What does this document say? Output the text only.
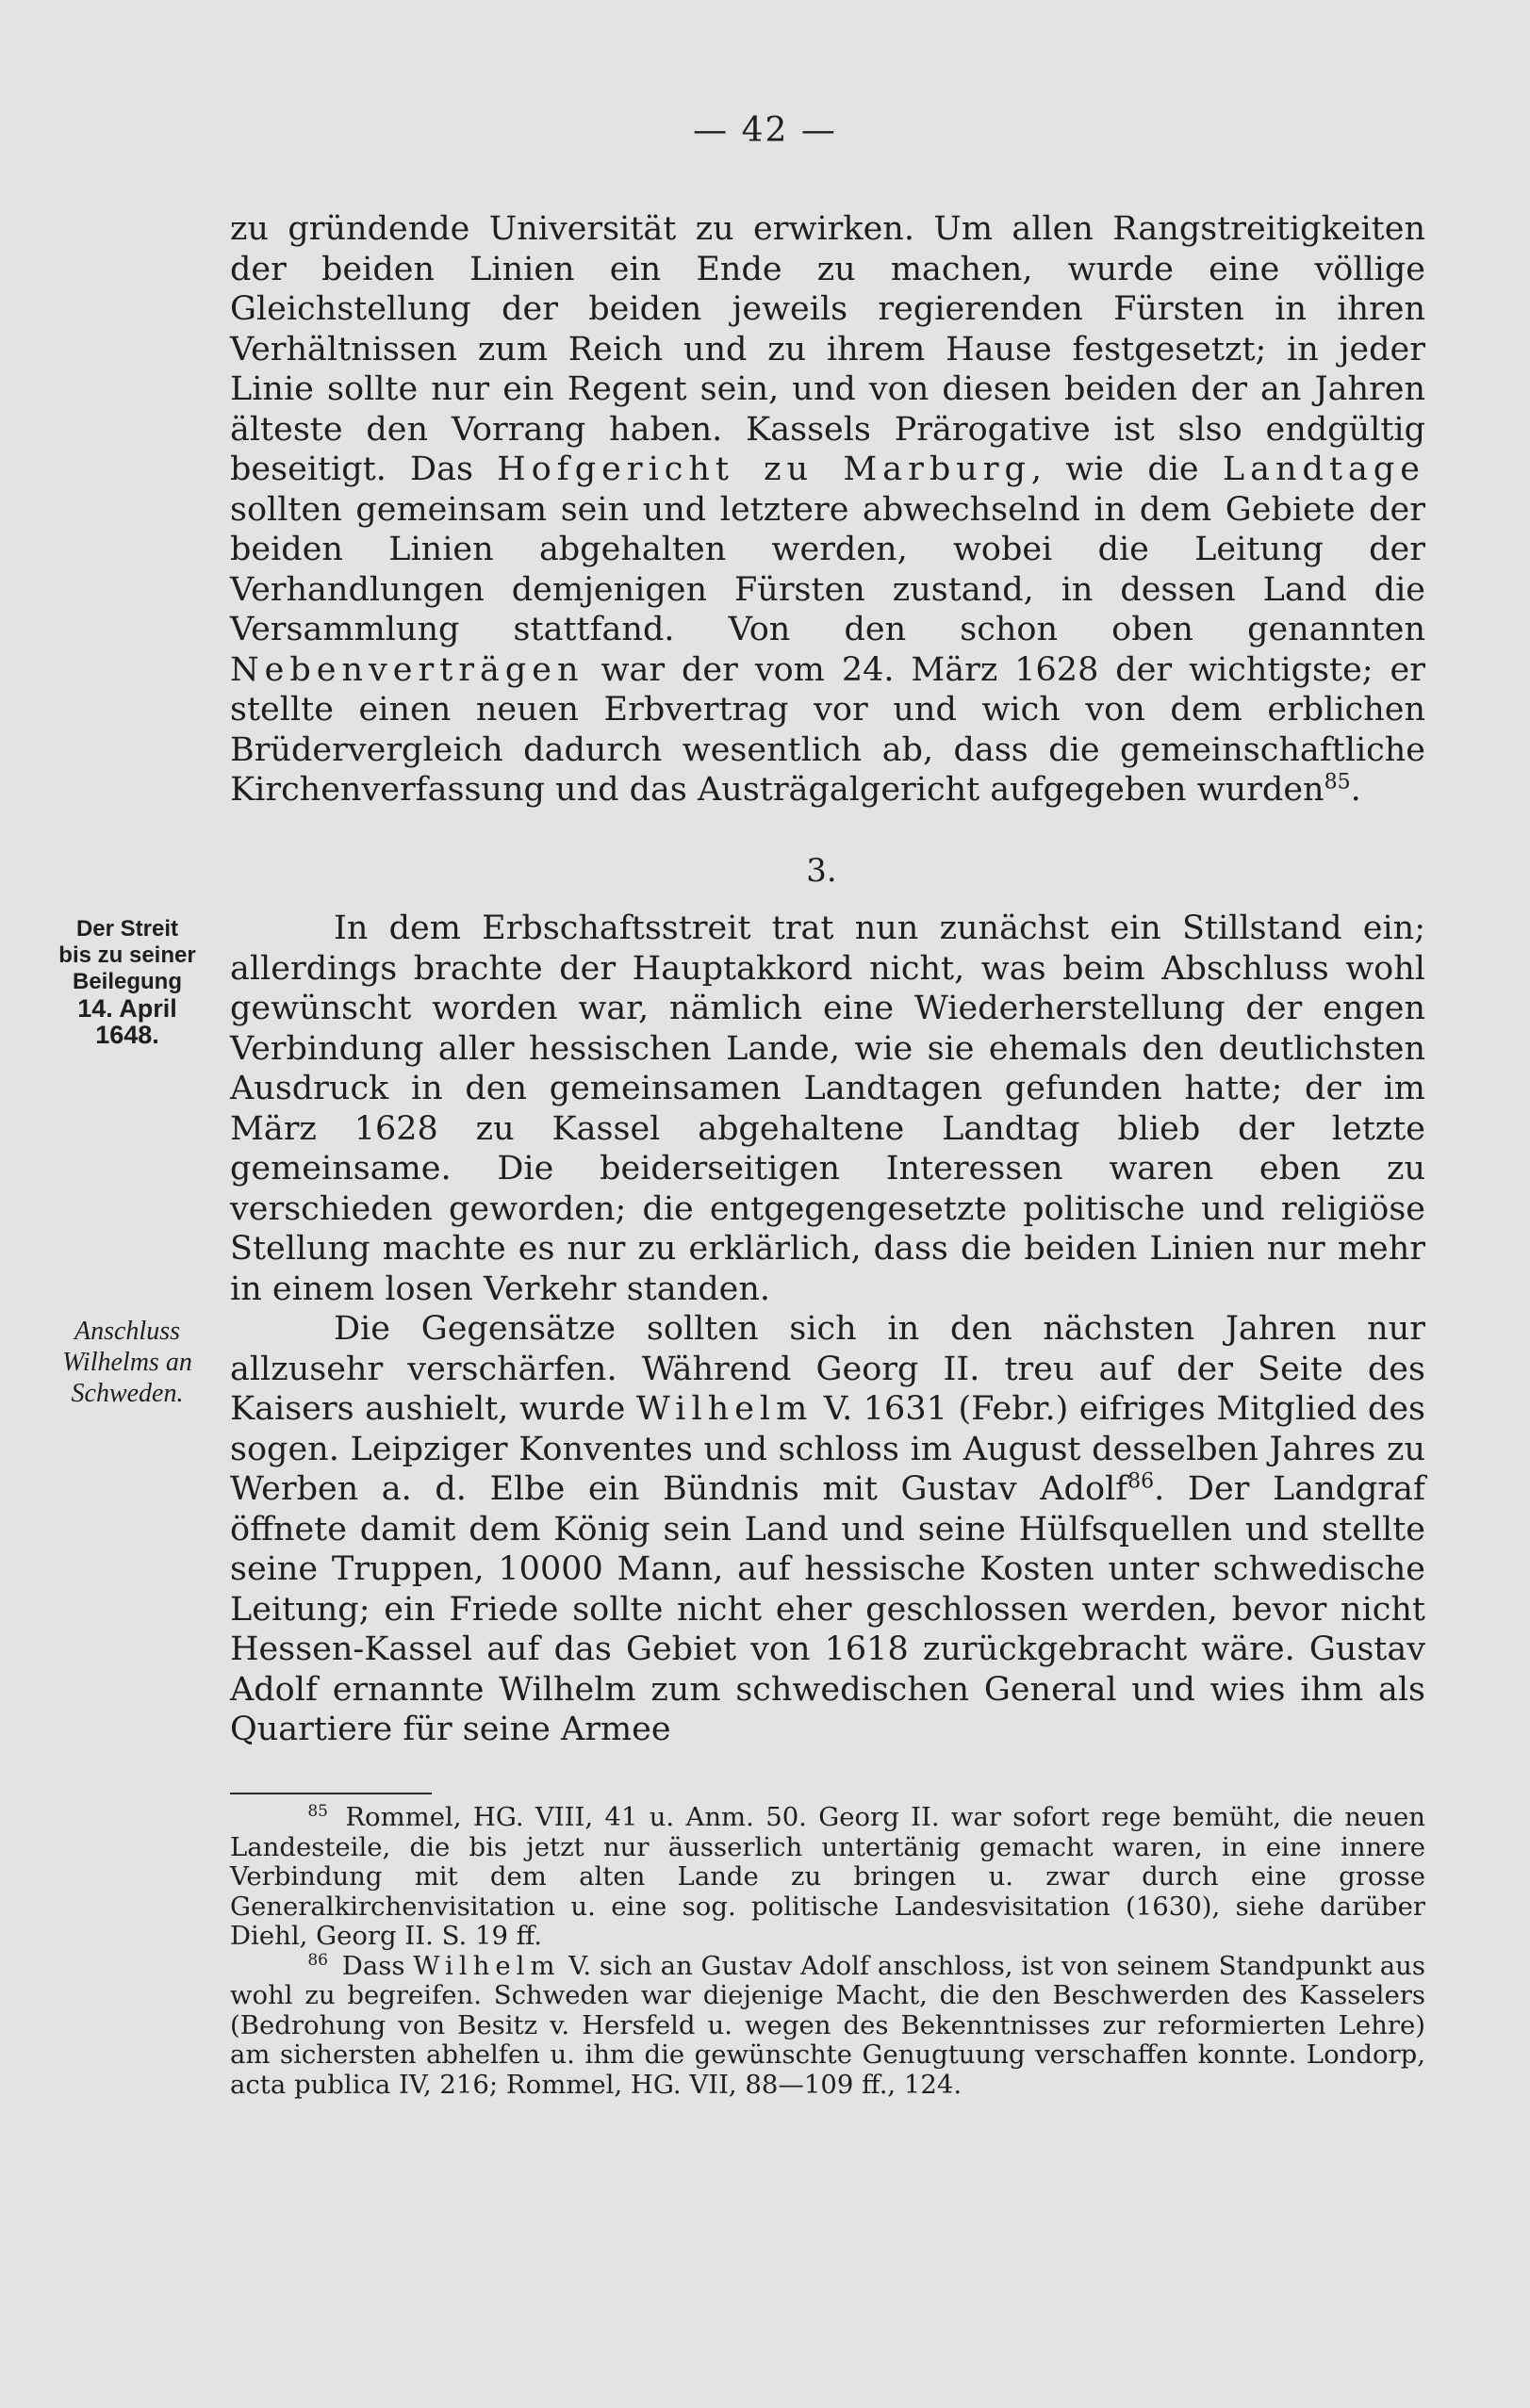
— 42 —

zu gründende Universität zu erwirken. Um allen Rangstreitigkeiten der beiden Linien ein Ende zu machen, wurde eine völlige Gleichstellung der beiden jeweils regierenden Fürsten in ihren Verhältnissen zum Reich und zu ihrem Hause festgesetzt; in jeder Linie sollte nur ein Regent sein, und von diesen beiden der an Jahren älteste den Vorrang haben. Kassels Prärogative ist slso endgültig beseitigt. Das Hofgericht zu Marburg, wie die Landtage sollten gemeinsam sein und letztere abwechselnd in dem Gebiete der beiden Linien abgehalten werden, wobei die Leitung der Verhandlungen demjenigen Fürsten zustand, in dessen Land die Versammlung stattfand. Von den schon oben genannten Nebenverträgen war der vom 24. März 1628 der wichtigste; er stellte einen neuen Erbvertrag vor und wich von dem erblichen Brüdervergleich dadurch wesentlich ab, dass die gemeinschaftliche Kirchenverfassung und das Austrägalgericht aufgegeben wurden$^{85}$.

3.
Der Streit
bis zu seiner
Beilegung
14. April
1648.

In dem Erbschaftsstreit trat nun zunächst ein Stillstand ein; allerdings brachte der Hauptakkord nicht, was beim Abschluss wohl gewünscht worden war, nämlich eine Wiederherstellung der engen Verbindung aller hessischen Lande, wie sie ehemals den deutlichsten Ausdruck in den gemeinsamen Landtagen gefunden hatte; der im März 1628 zu Kassel abgehaltene Landtag blieb der letzte gemeinsame. Die beiderseitigen Interessen waren eben zu verschieden geworden; die entgegengesetzte politische und religiöse Stellung machte es nur zu erklärlich, dass die beiden Linien nur mehr in einem losen Verkehr standen.

Die Gegensätze sollten sich in den nächsten Jahren nur allzusehr verschärfen. Während Georg II. treu auf der Seite des Kaisers aushielt, wurde Wilhelm V. 1631 (Febr.) eifriges Mitglied des sogen. Leipziger Konventes und schloss im August desselben Jahres zu Werben a. d. Elbe ein Bündnis mit Gustav Adolf$^{86}$. Der Landgraf öffnete damit dem König sein Land und seine Hülfsquellen und stellte seine Truppen, 10000 Mann, auf hessische Kosten unter schwedische Leitung; ein Friede sollte nicht eher geschlossen werden, bevor nicht Hessen-Kassel auf das Gebiet von 1618 zurückgebracht wäre. Gustav Adolf ernannte Wilhelm zum schwedischen General und wies ihm als Quartiere für seine Armee

Anschluss
Wilhelms an
Schweden.

$^{85}$ Rommel, HG. VIII, 41 u. Anm. 50. Georg II. war sofort rege bemüht, die neuen Landesteile, die bis jetzt nur äusserlich untertänig gemacht waren, in eine innere Verbindung mit dem alten Lande zu bringen u. zwar durch eine grosse Generalkirchenvisitation u. eine sog. politische Landesvisitation (1630), siehe darüber Diehl, Georg II. S. 19 ff.

$^{86}$ Dass Wilhelm V. sich an Gustav Adolf anschloss, ist von seinem Standpunkt aus wohl zu begreifen. Schweden war diejenige Macht, die den Beschwerden des Kasselers (Bedrohung von Besitz v. Hersfeld u. wegen des Bekenntnisses zur reformierten Lehre) am sichersten abhelfen u. ihm die gewünschte Genugtuung verschaffen konnte. Londorp, acta publica IV, 216; Rommel, HG. VII, 88—109 ff., 124.
